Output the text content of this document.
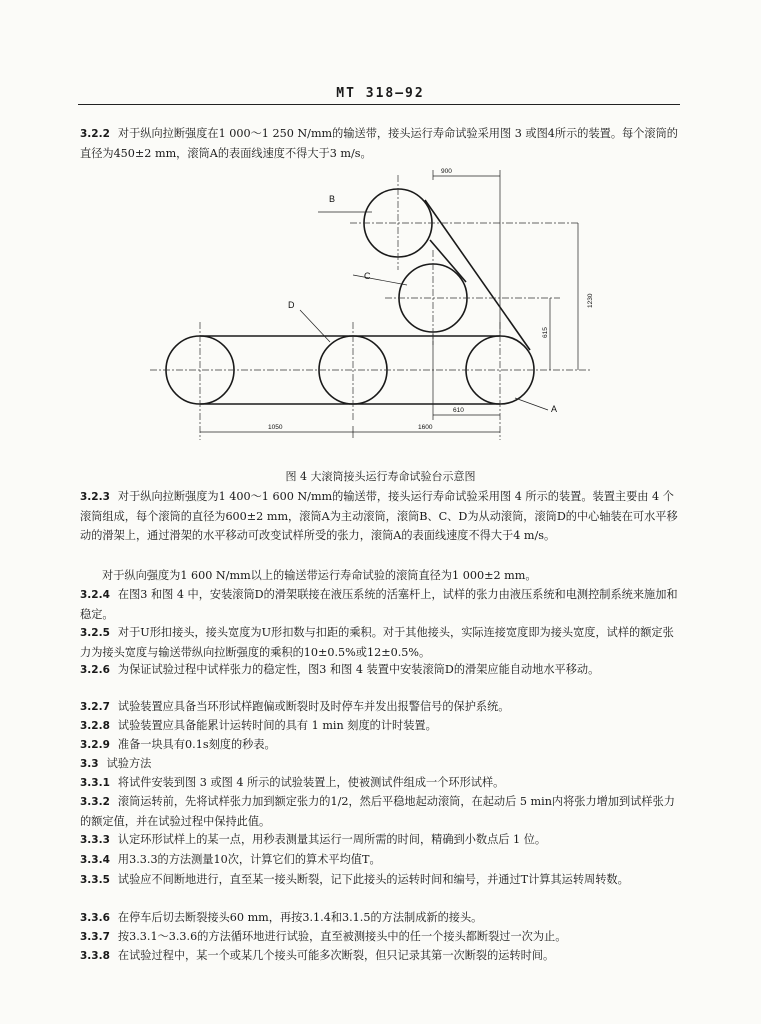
MT 318—92

3.2.2 对于纵向拉断强度在1 000～1 250 N/mm的输送带，接头运行寿命试验采用图 3 或图4所示的装置。每个滚筒的直径为450±2 mm，滚筒A的表面线速度不得大于3 m/s。

B
C
D
A
900
1230
615
610
1050	1600
图 4 大滚筒接头运行寿命试验台示意图

3.2.3 对于纵向拉断强度为1 400～1 600 N/mm的输送带，接头运行寿命试验采用图 4 所示的装置。装置主要由 4 个滚筒组成，每个滚筒的直径为600±2 mm，滚筒A为主动滚筒，滚筒B、C、D为从动滚筒，滚筒D的中心轴装在可水平移动的滑架上，通过滑架的水平移动可改变试样所受的张力，滚筒A的表面线速度不得大于4 m/s。

对于纵向强度为1 600 N/mm以上的输送带运行寿命试验的滚筒直径为1 000±2 mm。

3.2.4 在图3 和图 4 中，安装滚筒D的滑架联接在液压系统的活塞杆上，试样的张力由液压系统和电测控制系统来施加和稳定。

3.2.5 对于U形扣接头，接头宽度为U形扣数与扣距的乘积。对于其他接头，实际连接宽度即为接头宽度，试样的额定张力为接头宽度与输送带纵向拉断强度的乘积的10±0.5%或12±0.5%。

3.2.6 为保证试验过程中试样张力的稳定性，图3 和图 4 装置中安装滚筒D的滑架应能自动地水平移动。

3.2.7 试验装置应具备当环形试样跑偏或断裂时及时停车并发出报警信号的保护系统。

3.2.8 试验装置应具备能累计运转时间的具有 1 min 刻度的计时装置。

3.2.9 准备一块具有0.1s刻度的秒表。

3.3 试验方法

3.3.1 将试件安装到图 3 或图 4 所示的试验装置上，使被测试件组成一个环形试样。

3.3.2 滚筒运转前，先将试样张力加到额定张力的1/2，然后平稳地起动滚筒，在起动后 5 min内将张力增加到试样张力的额定值，并在试验过程中保持此值。

3.3.3 认定环形试样上的某一点，用秒表测量其运行一周所需的时间，精确到小数点后 1 位。

3.3.4 用3.3.3的方法测量10次，计算它们的算术平均值T。

3.3.5 试验应不间断地进行，直至某一接头断裂，记下此接头的运转时间和编号，并通过T计算其运转周转数。

3.3.6 在停车后切去断裂接头60 mm，再按3.1.4和3.1.5的方法制成新的接头。

3.3.7 按3.3.1～3.3.6的方法循环地进行试验，直至被测接头中的任一个接头都断裂过一次为止。

3.3.8 在试验过程中，某一个或某几个接头可能多次断裂，但只记录其第一次断裂的运转时间。
